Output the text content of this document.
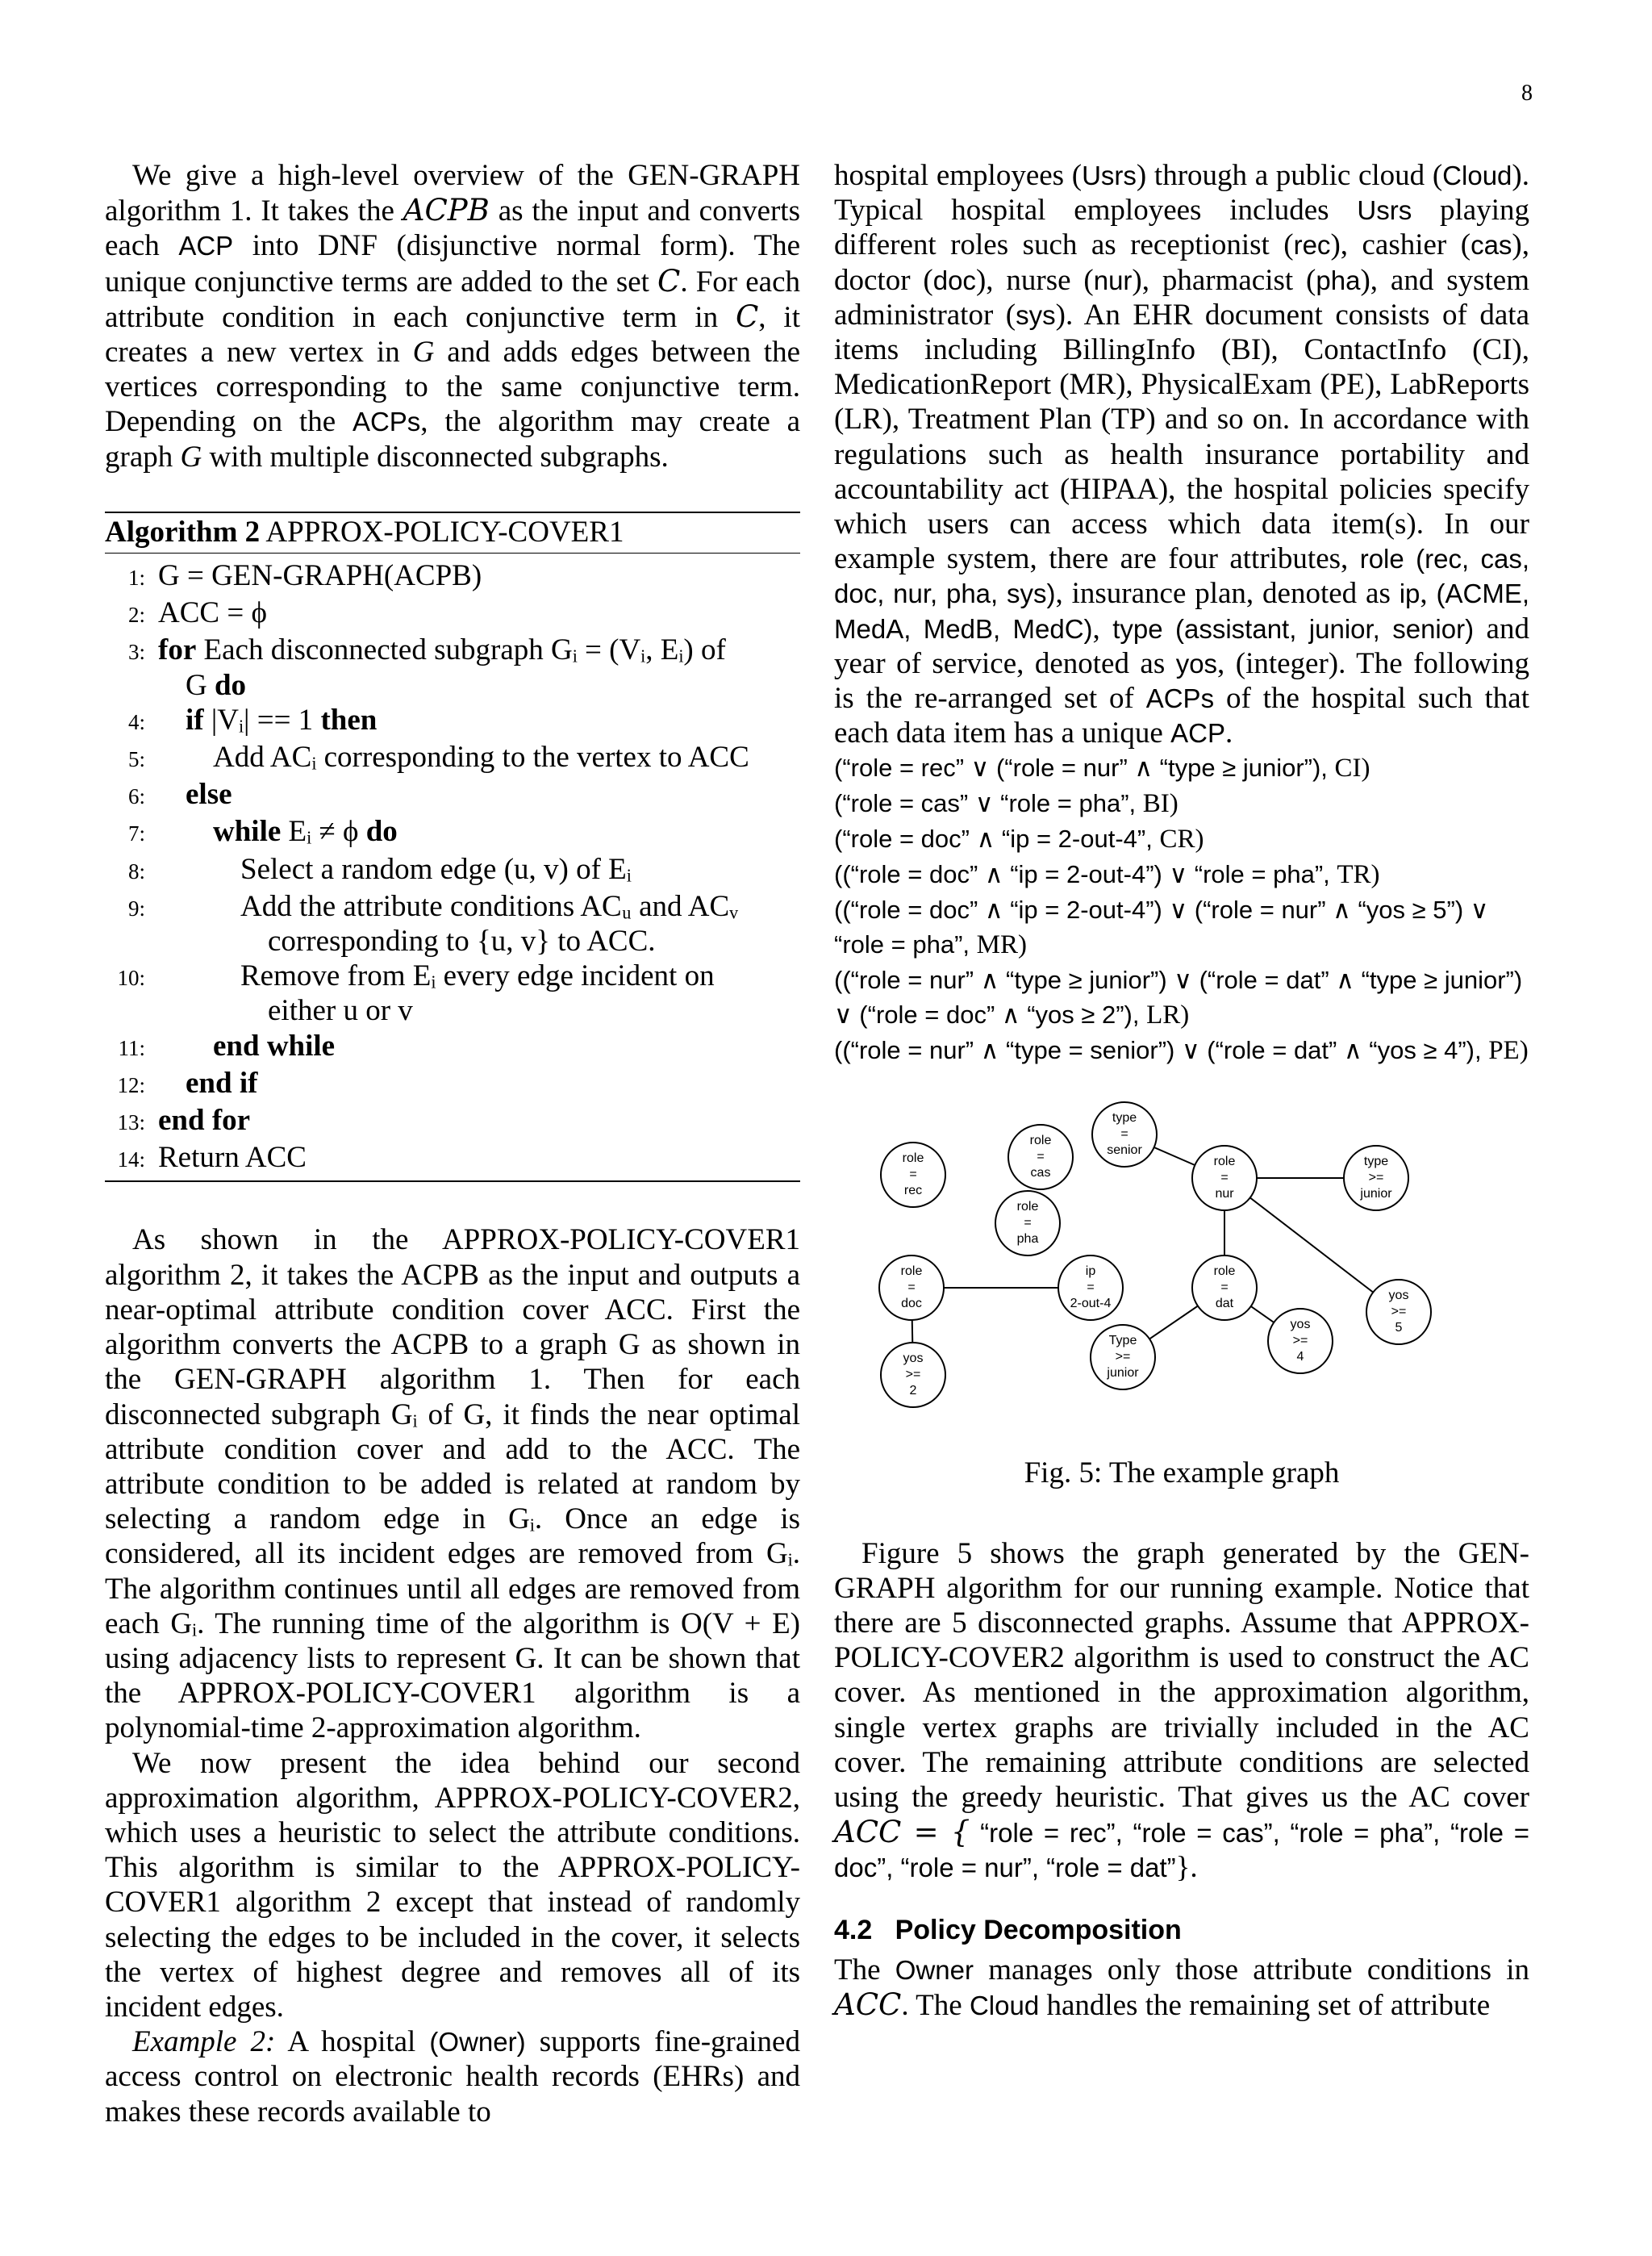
8

We give a high-level overview of the GEN-GRAPH algorithm 1. It takes the ACPB as the input and converts each ACP into DNF (disjunctive normal form). The unique conjunctive terms are added to the set C. For each attribute condition in each conjunctive term in C, it creates a new vertex in G and adds edges between the vertices corresponding to the same conjunctive term. Depending on the ACPs, the algorithm may create a graph G with multiple disconnected subgraphs.

Algorithm 2 APPROX-POLICY-COVER1
1: G = GEN-GRAPH(ACPB)
2: ACC = ϕ
3: for Each disconnected subgraph Gᵢ = (Vᵢ, Eᵢ) of
G do
4:	if |Vᵢ| == 1 then
5:	Add ACᵢ corresponding to the vertex to ACC
6:	else
7:	while Eᵢ ≠ ϕ do
8:	Select a random edge (u, v) of Eᵢ
9:	Add the attribute conditions ACᵤ and ACᵥ
corresponding to {u, v} to ACC.
10:	Remove from Eᵢ every edge incident on
either u or v
11:	end while
12:	end if
13: end for
14: Return ACC

As shown in the APPROX-POLICY-COVER1 algorithm 2, it takes the ACPB as the input and outputs a near-optimal attribute condition cover ACC. First the algorithm converts the ACPB to a graph G as shown in the GEN-GRAPH algorithm 1. Then for each disconnected subgraph Gᵢ of G, it finds the near optimal attribute condition cover and add to the ACC. The attribute condition to be added is related at random by selecting a random edge in Gᵢ. Once an edge is considered, all its incident edges are removed from Gᵢ. The algorithm continues until all edges are removed from each Gᵢ. The running time of the algorithm is O(V + E) using adjacency lists to represent G. It can be shown that the APPROX-POLICY-COVER1 algorithm is a polynomial-time 2-approximation algorithm.

We now present the idea behind our second approximation algorithm, APPROX-POLICY-COVER2, which uses a heuristic to select the attribute conditions. This algorithm is similar to the APPROX-POLICY-COVER1 algorithm 2 except that instead of randomly selecting the edges to be included in the cover, it selects the vertex of highest degree and removes all of its incident edges.

Example 2: A hospital (Owner) supports fine-grained access control on electronic health records (EHRs) and makes these records available to

hospital employees (Usrs) through a public cloud (Cloud). Typical hospital employees includes Usrs playing different roles such as receptionist (rec), cashier (cas), doctor (doc), nurse (nur), pharmacist (pha), and system administrator (sys). An EHR document consists of data items including BillingInfo (BI), ContactInfo (CI), MedicationReport (MR), PhysicalExam (PE), LabReports (LR), Treatment Plan (TP) and so on. In accordance with regulations such as health insurance portability and accountability act (HIPAA), the hospital policies specify which users can access which data item(s). In our example system, there are four attributes, role (rec, cas, doc, nur, pha, sys), insurance plan, denoted as ip, (ACME, MedA, MedB, MedC), type (assistant, junior, senior) and year of service, denoted as yos, (integer). The following is the re-arranged set of ACPs of the hospital such that each data item has a unique ACP.

(“role = rec” ∨ (“role = nur” ∧ “type ≥ junior”), CI)
(“role = cas” ∨ “role = pha”, BI)
(“role = doc” ∧ “ip = 2-out-4”, CR)
((“role = doc” ∧ “ip = 2-out-4”) ∨ “role = pha”, TR)
((“role = doc” ∧ “ip = 2-out-4”) ∨ (“role = nur” ∧ “yos ≥ 5”) ∨ “role = pha”, MR)
((“role = nur” ∧ “type ≥ junior”) ∨ (“role = dat” ∧ “type ≥ junior”) ∨ (“role = doc” ∧ “yos ≥ 2”), LR)
((“role = nur” ∧ “type = senior”) ∨ (“role = dat” ∧ “yos ≥ 4”), PE)
role
=
rec
role
=
cas
type
=
senior
role
=
nur
type
>=
junior
role
=
pha
role
=
doc
ip
=
2-out-4
role
=
dat
yos
>=
5
yos
>=
4
Type
>=
junior
yos
>=
2
Fig. 5: The example graph

Figure 5 shows the graph generated by the GEN-GRAPH algorithm for our running example. Notice that there are 5 disconnected graphs. Assume that APPROX-POLICY-COVER2 algorithm is used to construct the AC cover. As mentioned in the approximation algorithm, single vertex graphs are trivially included in the AC cover. The remaining attribute conditions are selected using the greedy heuristic. That gives us the AC cover ACC = { “role = rec”, “role = cas”, “role = pha”, “role = doc”, “role = nur”, “role = dat”}.

4.2 Policy Decomposition

The Owner manages only those attribute conditions in ACC. The Cloud handles the remaining set of attribute
